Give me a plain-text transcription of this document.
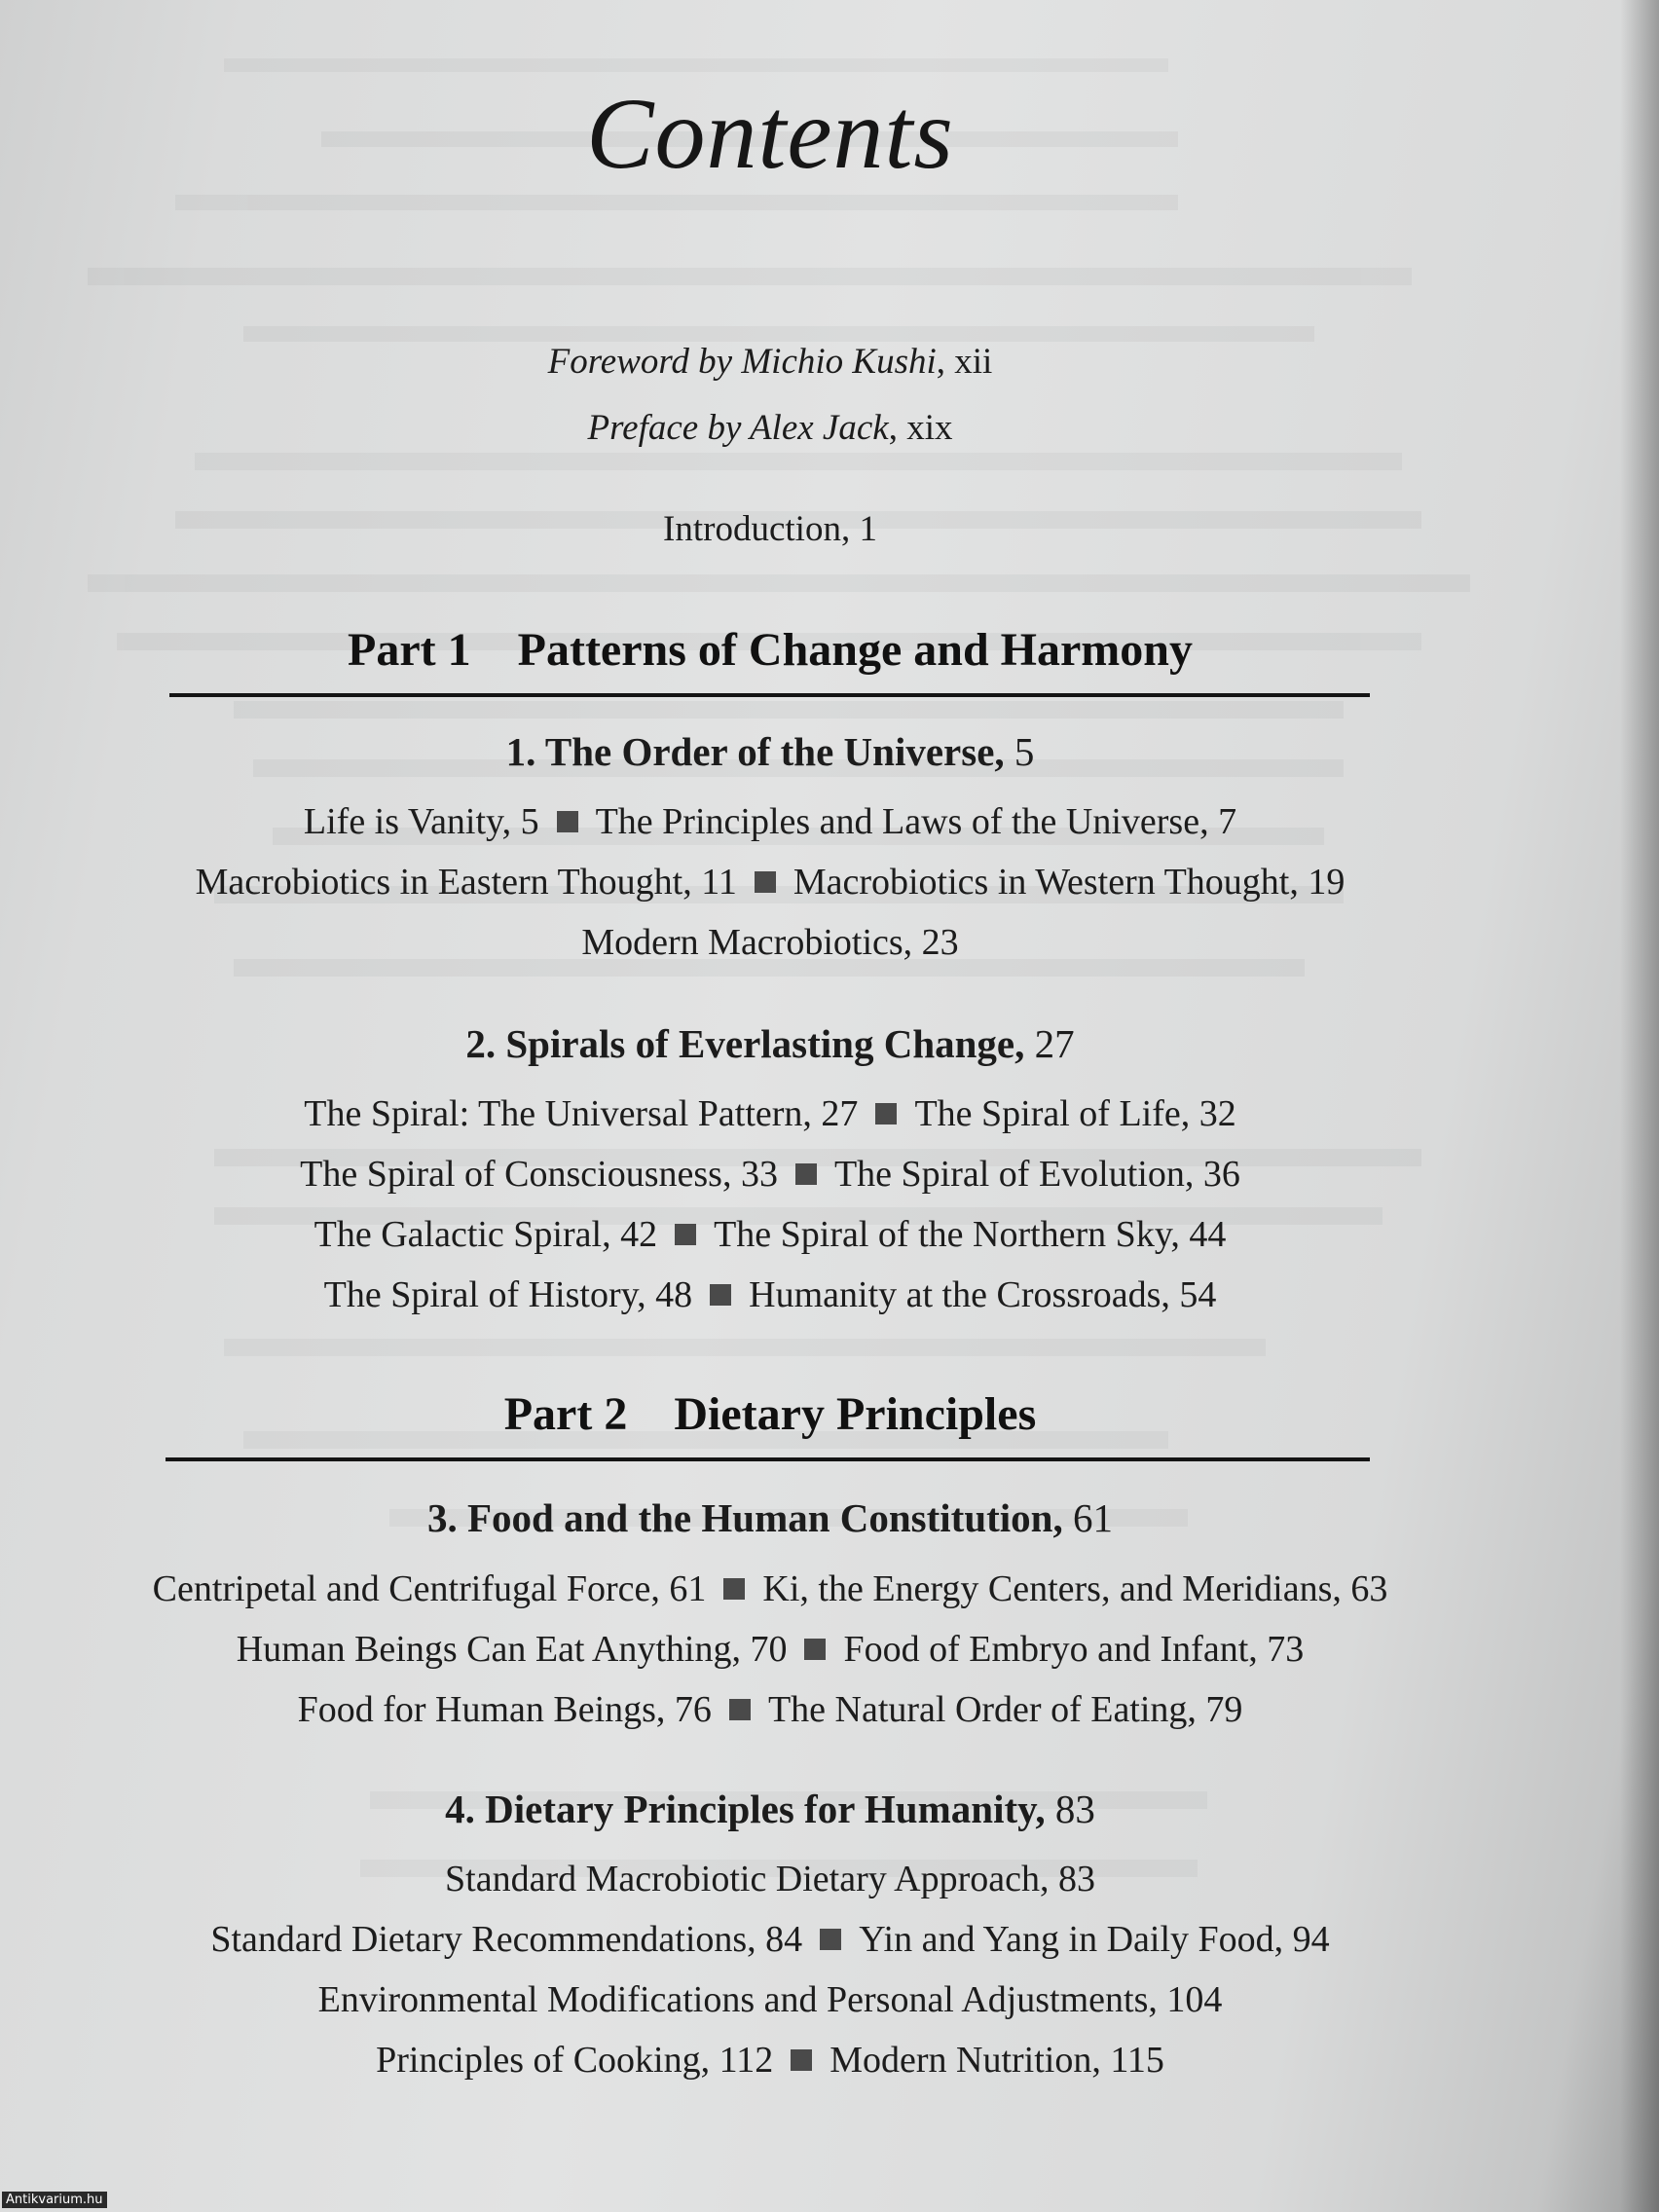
Contents
Foreword by Michio Kushi, xii
Preface by Alex Jack, xix
Introduction, 1
Part 1 Patterns of Change and Harmony
1. The Order of the Universe, 5
Life is Vanity, 5 The Principles and Laws of the Universe, 7
Macrobiotics in Eastern Thought, 11 Macrobiotics in Western Thought, 19
Modern Macrobiotics, 23
2. Spirals of Everlasting Change, 27
The Spiral: The Universal Pattern, 27 The Spiral of Life, 32
The Spiral of Consciousness, 33 The Spiral of Evolution, 36
The Galactic Spiral, 42 The Spiral of the Northern Sky, 44
The Spiral of History, 48 Humanity at the Crossroads, 54
Part 2 Dietary Principles
3. Food and the Human Constitution, 61
Centripetal and Centrifugal Force, 61 Ki, the Energy Centers, and Meridians, 63
Human Beings Can Eat Anything, 70 Food of Embryo and Infant, 73
Food for Human Beings, 76 The Natural Order of Eating, 79
4. Dietary Principles for Humanity, 83
Standard Macrobiotic Dietary Approach, 83
Standard Dietary Recommendations, 84 Yin and Yang in Daily Food, 94
Environmental Modifications and Personal Adjustments, 104
Principles of Cooking, 112 Modern Nutrition, 115
Antikvarium.hu
